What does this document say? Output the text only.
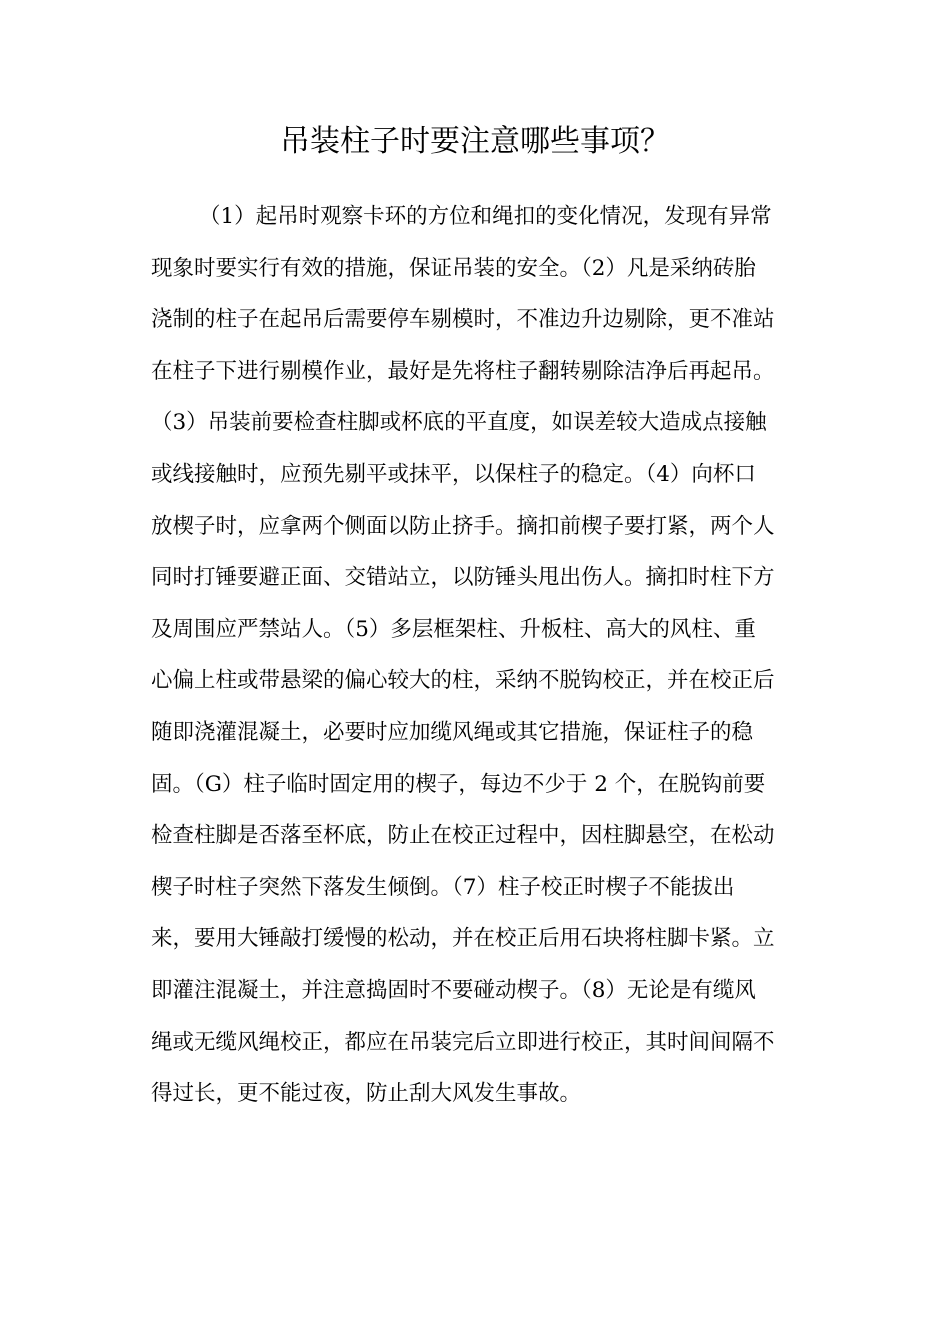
吊装柱子时要注意哪些事项？
（1）起吊时观察卡环的方位和绳扣的变化情况，发现有异常
现象时要实行有效的措施，保证吊装的安全。（2）凡是采纳砖胎
浇制的柱子在起吊后需要停车剔模时，不准边升边剔除，更不准站
在柱子下进行剔模作业，最好是先将柱子翻转剔除洁净后再起吊。
（3）吊装前要检查柱脚或杯底的平直度，如误差较大造成点接触
或线接触时，应预先剔平或抹平，以保柱子的稳定。（4）向杯口
放楔子时，应拿两个侧面以防止挤手。摘扣前楔子要打紧，两个人
同时打锤要避正面、交错站立，以防锤头甩出伤人。摘扣时柱下方
及周围应严禁站人。（5）多层框架柱、升板柱、高大的风柱、重
心偏上柱或带悬梁的偏心较大的柱，采纳不脱钩校正，并在校正后
随即浇灌混凝土，必要时应加缆风绳或其它措施，保证柱子的稳
固。（G）柱子临时固定用的楔子，每边不少于 2 个，在脱钩前要
检查柱脚是否落至杯底，防止在校正过程中，因柱脚悬空，在松动
楔子时柱子突然下落发生倾倒。（7）柱子校正时楔子不能拔出
来，要用大锤敲打缓慢的松动，并在校正后用石块将柱脚卡紧。立
即灌注混凝土，并注意捣固时不要碰动楔子。（8）无论是有缆风
绳或无缆风绳校正，都应在吊装完后立即进行校正，其时间间隔不
得过长，更不能过夜，防止刮大风发生事故。
